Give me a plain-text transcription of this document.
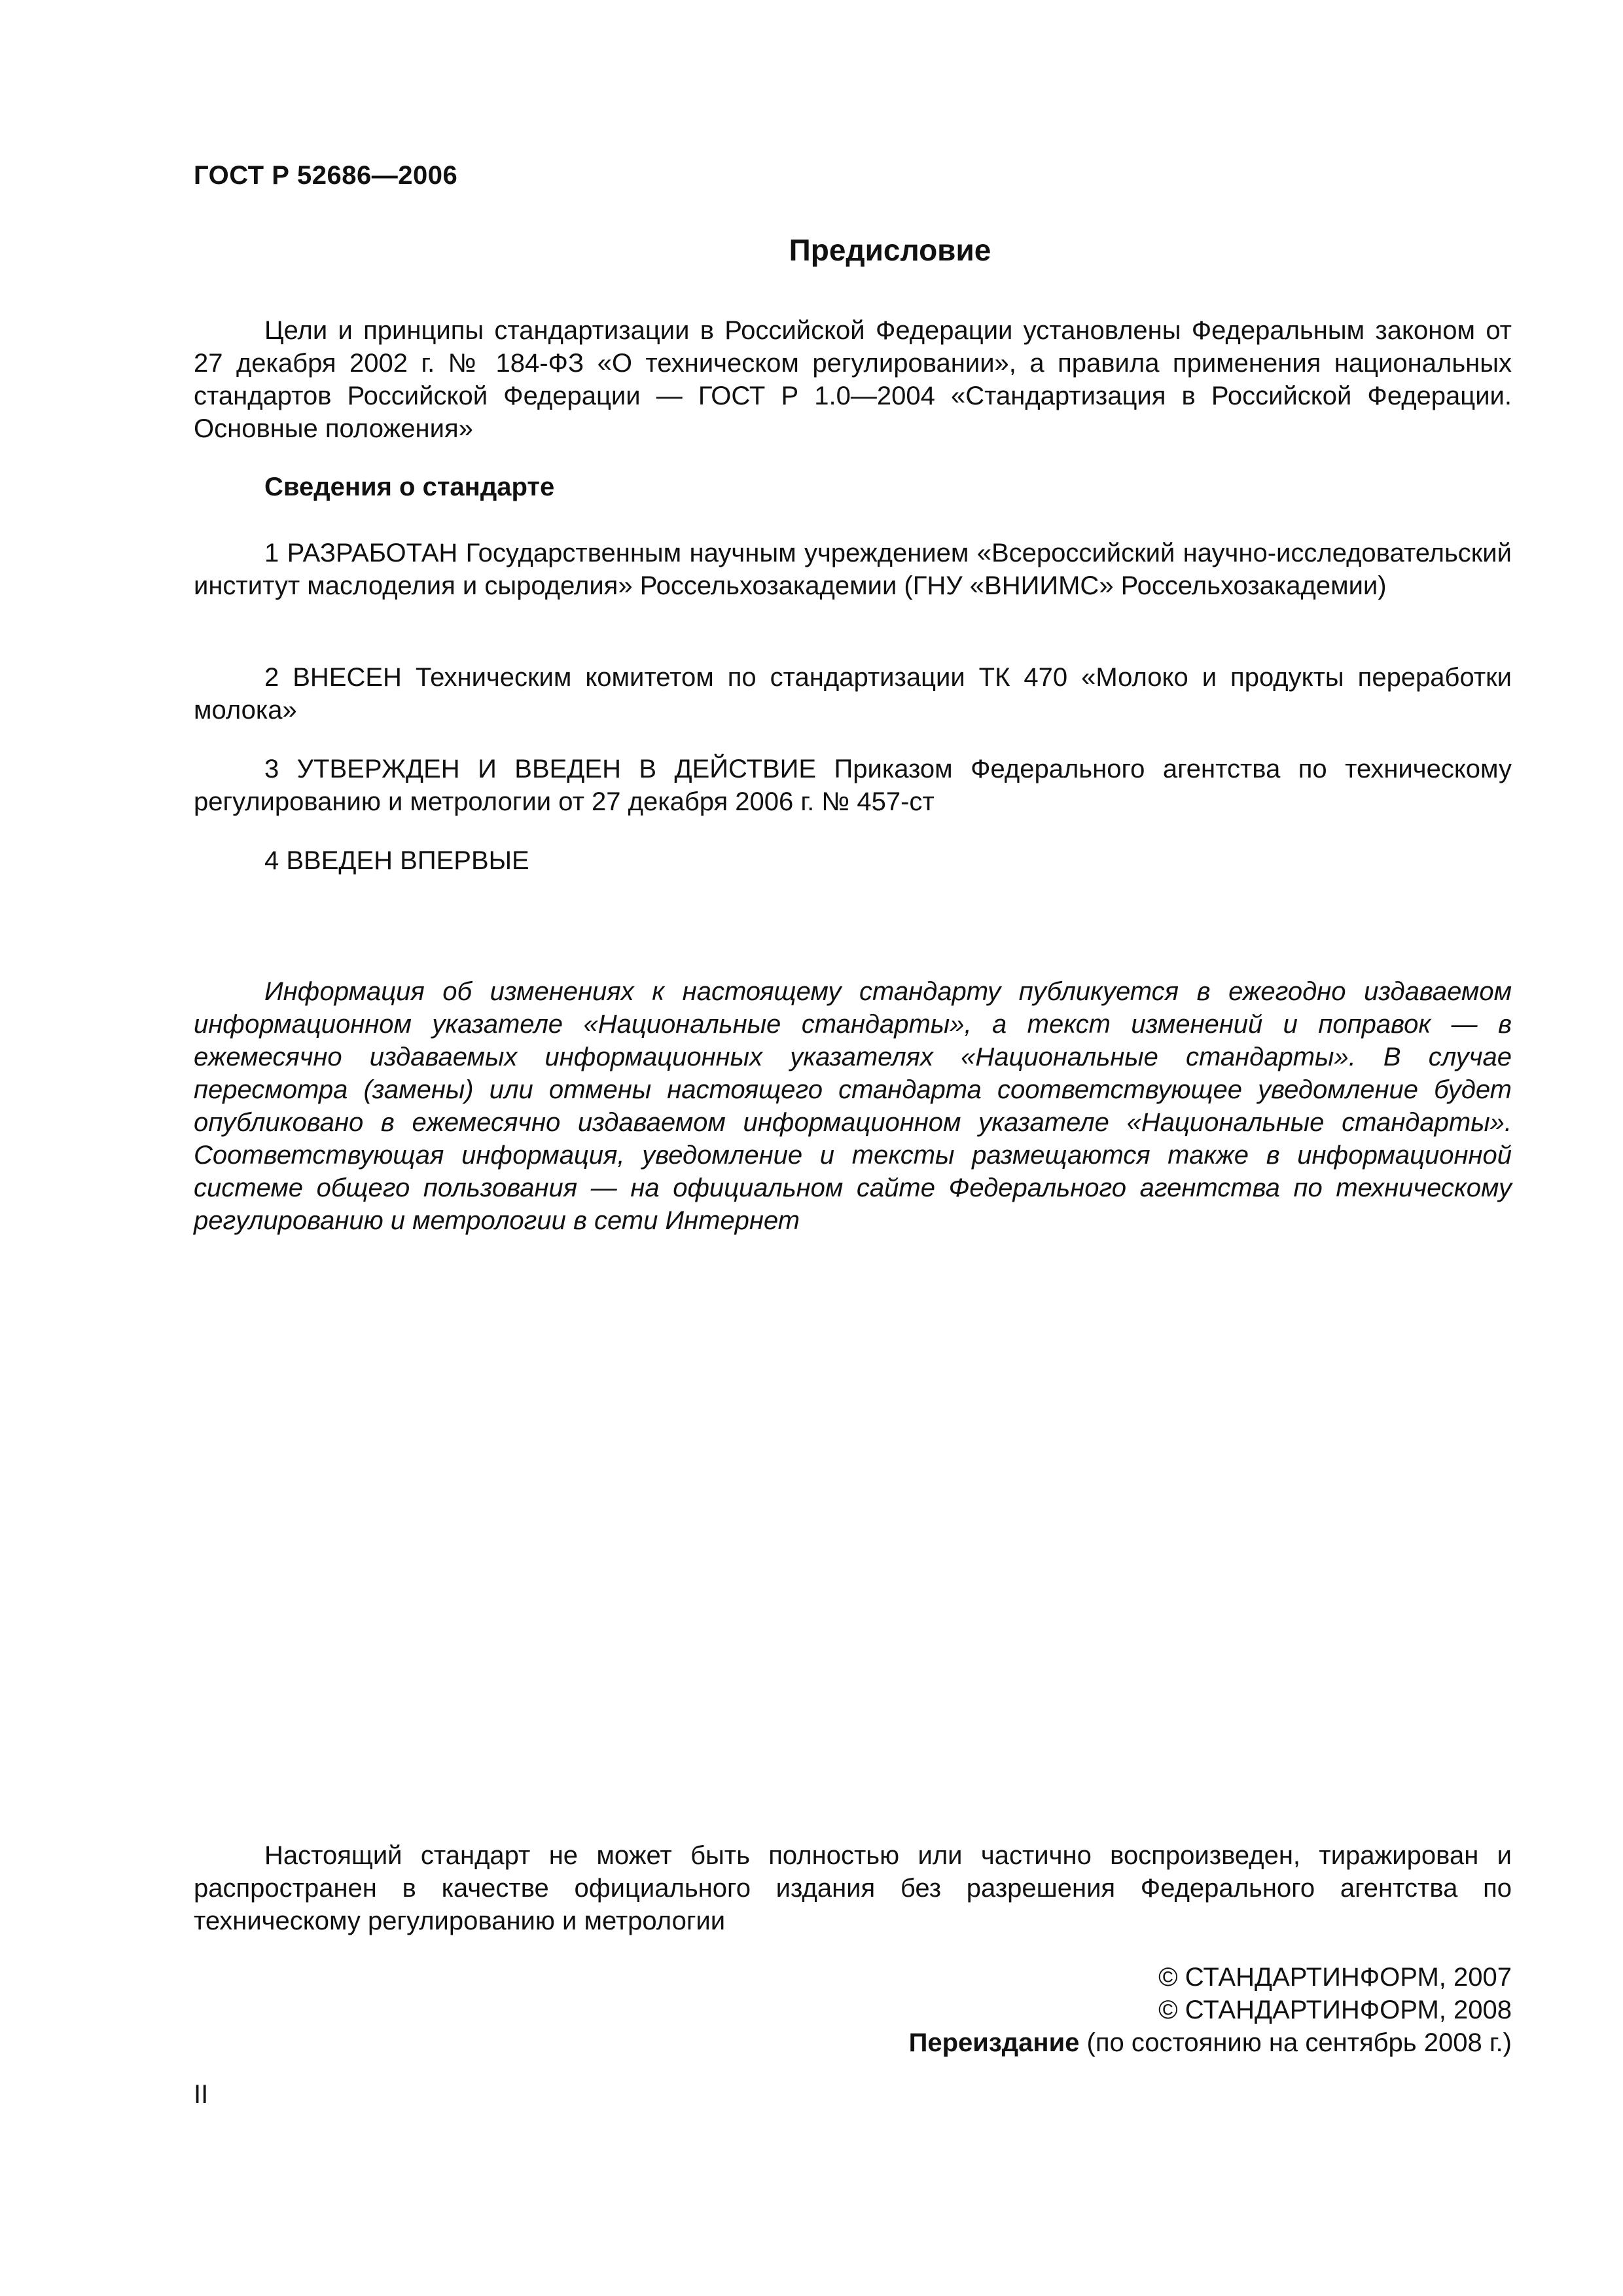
ГОСТ Р 52686—2006
Предисловие

Цели и принципы стандартизации в Российской Федерации установлены Федеральным законом от 27 декабря 2002 г. № 184-ФЗ «О техническом регулировании», а правила применения национальных стандартов Российской Федерации — ГОСТ Р 1.0—2004 «Стандартизация в Российской Федерации. Основные положения»

Сведения о стандарте

1 РАЗРАБОТАН Государственным научным учреждением «Всероссийский научно-исследовательский институт маслоделия и сыроделия» Россельхозакадемии (ГНУ «ВНИИМС» Россельхозакадемии)

2 ВНЕСЕН Техническим комитетом по стандартизации ТК 470 «Молоко и продукты переработки молока»

3 УТВЕРЖДЕН И ВВЕДЕН В ДЕЙСТВИЕ Приказом Федерального агентства по техническому регулированию и метрологии от 27 декабря 2006 г. № 457-ст

4 ВВЕДЕН ВПЕРВЫЕ

Информация об изменениях к настоящему стандарту публикуется в ежегодно издаваемом информационном указателе «Национальные стандарты», а текст изменений и поправок — в ежемесячно издаваемых информационных указателях «Национальные стандарты». В случае пересмотра (замены) или отмены настоящего стандарта соответствующее уведомление будет опубликовано в ежемесячно издаваемом информационном указателе «Национальные стандарты». Соответствующая информация, уведомление и тексты размещаются также в информационной системе общего пользования — на официальном сайте Федерального агентства по техническому регулированию и метрологии в сети Интернет

Настоящий стандарт не может быть полностью или частично воспроизведен, тиражирован и распространен в качестве официального издания без разрешения Федерального агентства по техническому регулированию и метрологии

© СТАНДАРТИНФОРМ, 2007
© СТАНДАРТИНФОРМ, 2008
Переиздание (по состоянию на сентябрь 2008 г.)
II
